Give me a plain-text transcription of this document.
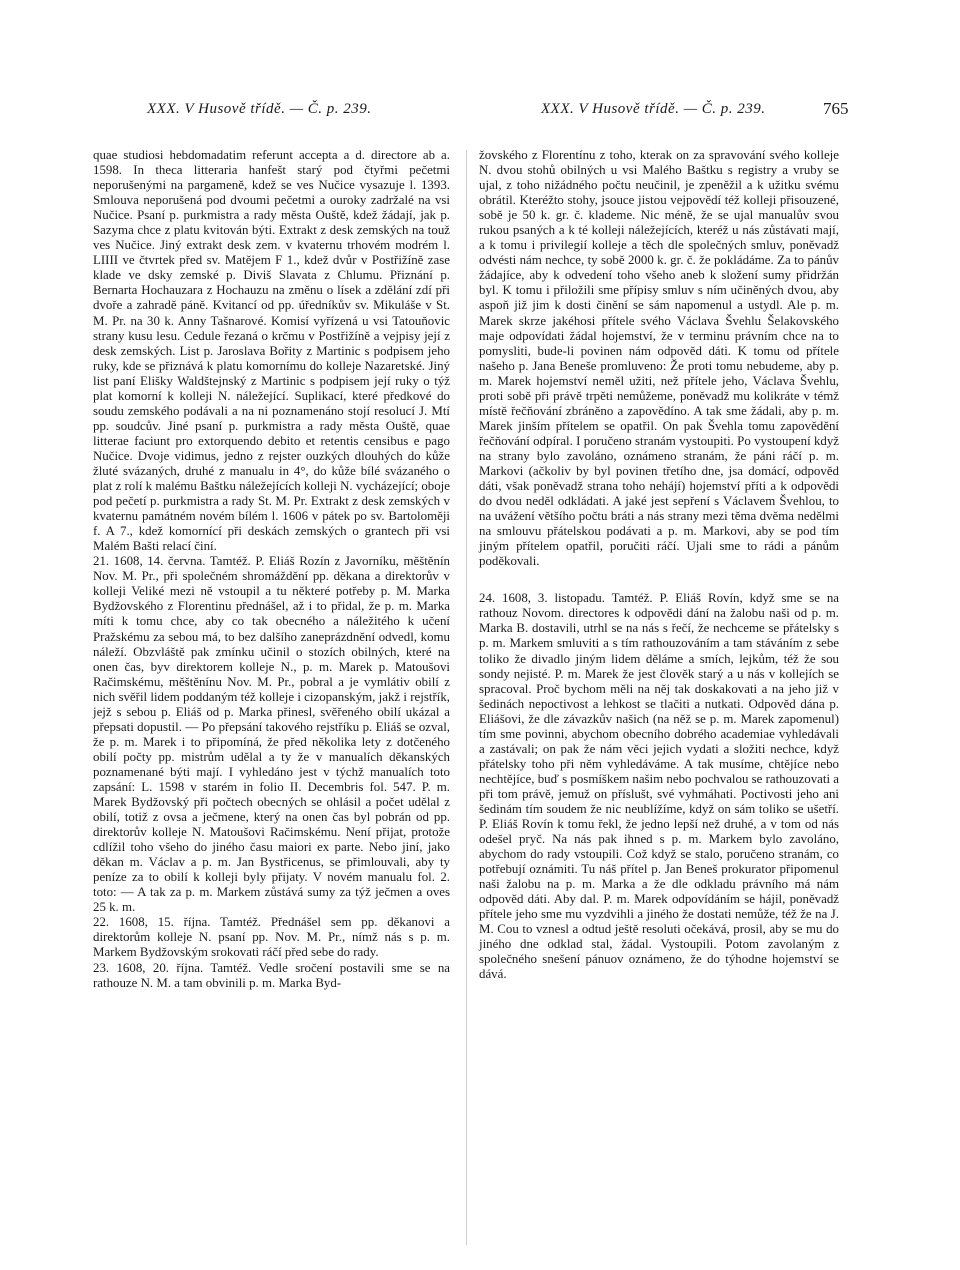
XXX. V Husově třídě. — Č. p. 239.	XXX. V Husově třídě. — Č. p. 239.	765

quae studiosi hebdomadatim referunt accepta a d. directore ab a. 1598. In theca litteraria hanfešt starý pod čtyřmi pečetmi neporušenými na pargameně, kdež se ves Nučice vysazuje l. 1393. Smlouva neporušená pod dvoumi pečetmi a ouroky zadržalé na vsi Nučice. Psaní p. purkmistra a rady města Ouště, kdež žádají, jak p. Sazyma chce z platu kvitován býti. Extrakt z desk zemských na touž ves Nučice. Jiný extrakt desk zem. v kvaternu trhovém modrém l. LIIII ve čtvrtek před sv. Matějem F 1., kdež dvůr v Postřižíně zase klade ve dsky zemské p. Diviš Slavata z Chlumu. Přiznání p. Bernarta Hochauzara z Hochauzu na změnu o lísek a zdělání zdí při dvoře a zahradě páně. Kvitancí od pp. úředníkův sv. Mikuláše v St. M. Pr. na 30 k. Anny Tašnarové. Komisí vyřízená u vsi Tatouňovic strany kusu lesu. Cedule řezaná o krčmu v Postřižíně a vejpisy její z desk zemských. List p. Jaroslava Bořity z Martinic s podpisem jeho ruky, kde se přiznává k platu komornímu do kolleje Nazaretské. Jiný list paní Elišky Waldštejnský z Martinic s podpisem její ruky o týž plat komorní k kolleji N. náležející. Suplikací, které předkové do soudu zemského podávali a na ni poznamenáno stojí resolucí J. Mtí pp. soudcův. Jiné psaní p. purkmistra a rady města Ouště, quae litterae faciunt pro extorquendo debito et retentis censibus e pago Nučice. Dvoje vidimus, jedno z rejster ouzkých dlouhých do kůže žluté svázaných, druhé z manualu in 4°, do kůže bílé svázaného o plat z rolí k malému Baštku náležejících kolleji N. vycházející; oboje pod pečetí p. purkmistra a rady St. M. Pr. Extrakt z desk zemských v kvaternu památném novém bílém l. 1606 v pátek po sv. Bartoloměji f. A 7., kdež komornící při deskách zemských o grantech při vsi Malém Bašti relací činí.

21. 1608, 14. června. Tamtéž. P. Eliáš Rozín z Javorníku, měštěnín Nov. M. Pr., při společném shromáždění pp. děkana a direktorův v kolleji Veliké mezi ně vstoupil a tu některé potřeby p. M. Marka Bydžovského z Florentinu přednášel, až i to přidal, že p. m. Marka míti k tomu chce, aby co tak obecného a náležitého k učení Pražskému za sebou má, to bez dalšího zaneprázdnění odvedl, komu náleží. Obzvláště pak zmínku učinil o stozích obilných, které na onen čas, byv direktorem kolleje N., p. m. Marek p. Matoušovi Račimskému, měštěnínu Nov. M. Pr., pobral a je vymlátiv obilí z nich svěřil lidem poddaným též kolleje i cizopanským, jakž i rejstřík, jejž s sebou p. Eliáš od p. Marka přinesl, svěřeného obilí ukázal a přepsati dopustil. — Po přepsání takového rejstříku p. Eliáš se ozval, že p. m. Marek i to připomíná, že před několika lety z dotčeného obilí počty pp. mistrům udělal a ty že v manualích děkanských poznamenané býti mají. I vyhledáno jest v týchž manualích toto zapsání: L. 1598 v starém in folio II. Decembris fol. 547. P. m. Marek Bydžovský při počtech obecných se ohlásil a počet udělal z obilí, totiž z ovsa a ječmene, který na onen čas byl pobrán od pp. direktorův kolleje N. Matoušovi Račimskému. Není přijat, protože cdlížil toho všeho do jiného času maiori ex parte. Nebo jiní, jako děkan m. Václav a p. m. Jan Bystřicenus, se přimlouvali, aby ty peníze za to obilí k kolleji byly přijaty. V novém manualu fol. 2. toto: — A tak za p. m. Markem zůstává sumy za týž ječmen a oves 25 k. m.

22. 1608, 15. října. Tamtéž. Přednášel sem pp. děkanovi a direktorům kolleje N. psaní pp. Nov. M. Pr., nímž nás s p. m. Markem Bydžovským srokovati ráčí před sebe do rady.

23. 1608, 20. října. Tamtéž. Vedle sročení postavili sme se na rathouze N. M. a tam obvinili p. m. Marka Byd-

žovského z Florentínu z toho, kterak on za spravování svého kolleje N. dvou stohů obilných u vsi Malého Baštku s registry a vruby se ujal, z toho nižádného počtu neučinil, je zpeněžil a k užitku svému obrátil. Kteréžto stohy, jsouce jistou vejpovědí též kolleji přisouzené, sobě je 50 k. gr. č. klademe. Nic méně, že se ujal manualův svou rukou psaných a k té kolleji náležejících, kteréž u nás zůstávati mají, a k tomu i privilegií kolleje a těch dle společných smluv, poněvadž odvésti nám nechce, ty sobě 2000 k. gr. č. že pokládáme. Za to pánův žádajíce, aby k odvedení toho všeho aneb k složení sumy přidržán byl. K tomu i přiložili sme přípisy smluv s ním učiněných dvou, aby aspoň již jim k dosti činění se sám napomenul a ustydl. Ale p. m. Marek skrze jakéhosi přítele svého Václava Švehlu Šelakovského maje odpovídati žádal hojemství, že v terminu právním chce na to pomysliti, bude-li povinen nám odpověd dáti. K tomu od přítele našeho p. Jana Beneše promluveno: Že proti tomu nebudeme, aby p. m. Marek hojemství neměl užiti, než přítele jeho, Václava Švehlu, proti sobě při právě trpěti nemůžeme, poněvadž mu kolikráte v témž místě řečňování zbráněno a zapovědíno. A tak sme žádali, aby p. m. Marek jinším přítelem se opatřil. On pak Švehla tomu zapovědění řečňování odpíral. I poručeno stranám vystoupiti. Po vystoupení když na strany bylo zavoláno, oznámeno stranám, že páni ráčí p. m. Markovi (ačkoliv by byl povinen třetího dne, jsa domácí, odpověd dáti, však poněvadž strana toho nehájí) hojemství příti a k odpovědi do dvou neděl odkládati. A jaké jest sepření s Václavem Švehlou, to na uvážení většího počtu bráti a nás strany mezi těma dvěma nedělmi na smlouvu přátelskou podávati a p. m. Markovi, aby se pod tím jiným přítelem opatřil, poručiti ráčí. Ujali sme to rádi a pánům poděkovali.

24. 1608, 3. listopadu. Tamtéž. P. Eliáš Rovín, když sme se na rathouz Novom. directores k odpovědi dání na žalobu naši od p. m. Marka B. dostavili, utrhl se na nás s řečí, že nechceme se přátelsky s p. m. Markem smluviti a s tím rathouzováním a tam stáváním z sebe toliko že divadlo jiným lidem děláme a smích, lejkům, též že sou sondy nejisté. P. m. Marek že jest člověk starý a u nás v kollejích se spracoval. Proč bychom měli na něj tak doskakovati a na jeho již v šedinách nepoctivost a lehkost se tlačiti a nutkati. Odpověd dána p. Eliášovi, že dle závazkův našich (na něž se p. m. Marek zapomenul) tím sme povinni, abychom obecního dobrého academiae vyhledávali a zastávali; on pak že nám věci jejich vydati a složiti nechce, když přátelsky toho při něm vyhledáváme. A tak musíme, chtějíce nebo nechtějíce, buď s posmíškem našim nebo pochvalou se rathouzovati a při tom právě, jemuž on příslušt, své vyhmáhati. Poctivosti jeho ani šedinám tím soudem že nic neublížíme, když on sám toliko se ušetří. P. Eliáš Rovín k tomu řekl, že jedno lepší než druhé, a v tom od nás odešel pryč. Na nás pak ihned s p. m. Markem bylo zavoláno, abychom do rady vstoupili. Což když se stalo, poručeno stranám, co potřebují oznámiti. Tu náš přítel p. Jan Beneš prokurator připomenul naši žalobu na p. m. Marka a že dle odkladu právního má nám odpověd dáti. Aby dal. P. m. Marek odpovídáním se hájil, poněvadž přítele jeho sme mu vyzdvihli a jiného že dostati nemůže, též že na J. M. Cou to vznesl a odtud ještě resoluti očekává, prosil, aby se mu do jiného dne odklad stal, žádal. Vystoupili. Potom zavolaným z společného snešení pánuov oznámeno, že do týhodne hojemství se dává.
